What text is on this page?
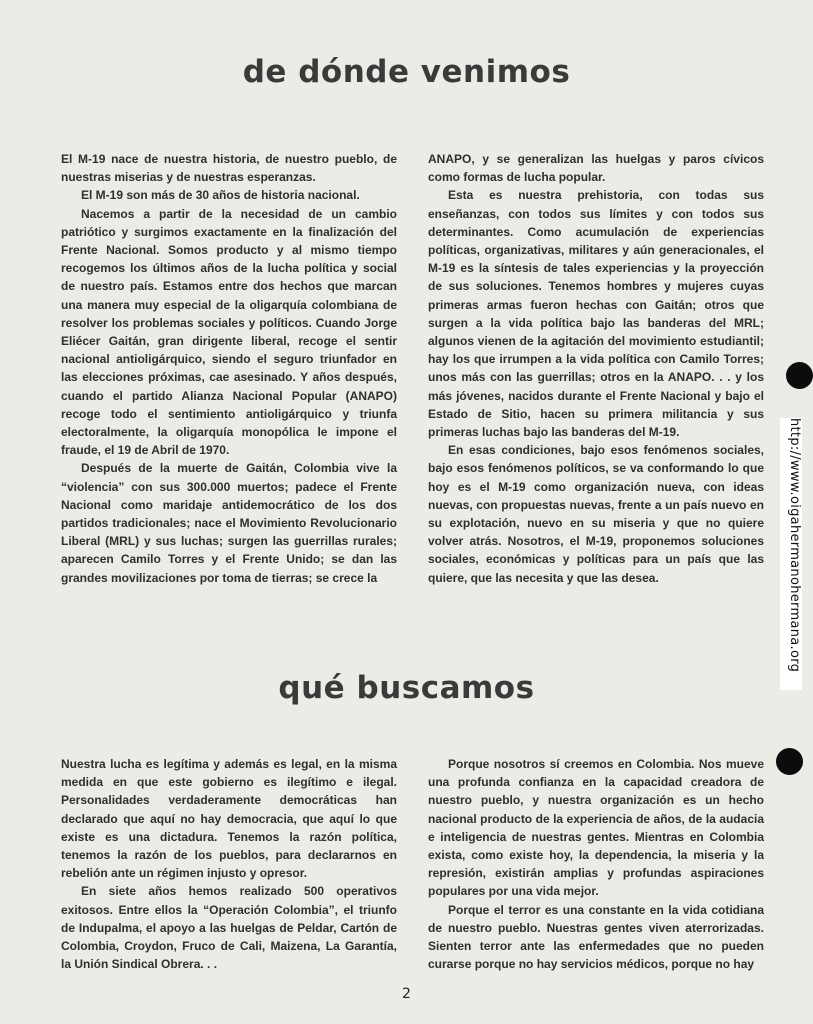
de dónde venimos

El M-19 nace de nuestra historia, de nuestro pueblo, de nuestras miserias y de nuestras esperanzas.

El M-19 son más de 30 años de historia nacional.

Nacemos a partir de la necesidad de un cambio patriótico y surgimos exactamente en la finalización del Frente Nacional. Somos producto y al mismo tiempo recogemos los últimos años de la lucha política y social de nuestro país. Estamos entre dos hechos que marcan una manera muy especial de la oligarquía colombiana de resolver los problemas sociales y políticos. Cuando Jorge Eliécer Gaitán, gran dirigente liberal, recoge el sentir nacional antioligárquico, siendo el seguro triunfador en las elecciones próximas, cae asesinado. Y años después, cuando el partido Alianza Nacional Popular (ANAPO) recoge todo el sentimiento antioligárquico y triunfa electoralmente, la oligarquía monopólica le impone el fraude, el 19 de Abril de 1970.

Después de la muerte de Gaitán, Colombia vive la “violencia” con sus 300.000 muertos; padece el Frente Nacional como maridaje antidemocrático de los dos partidos tradicionales; nace el Movimiento Revolucionario Liberal (MRL) y sus luchas; surgen las guerrillas rurales; aparecen Camilo Torres y el Frente Unido; se dan las grandes movilizaciones por toma de tierras; se crece la

ANAPO, y se generalizan las huelgas y paros cívicos como formas de lucha popular.

Esta es nuestra prehistoria, con todas sus enseñanzas, con todos sus límites y con todos sus determinantes. Como acumulación de experiencias políticas, organizativas, militares y aún generacionales, el M-19 es la síntesis de tales experiencias y la proyección de sus soluciones. Tenemos hombres y mujeres cuyas primeras armas fueron hechas con Gaitán; otros que surgen a la vida política bajo las banderas del MRL; algunos vienen de la agitación del movimiento estudiantil; hay los que irrumpen a la vida política con Camilo Torres; unos más con las guerrillas; otros en la ANAPO. . . y los más jóvenes, nacidos durante el Frente Nacional y bajo el Estado de Sitio, hacen su primera militancia y sus primeras luchas bajo las banderas del M-19.

En esas condiciones, bajo esos fenómenos sociales, bajo esos fenómenos políticos, se va conformando lo que hoy es el M-19 como organización nueva, con ideas nuevas, con propuestas nuevas, frente a un país nuevo en su explotación, nuevo en su miseria y que no quiere volver atrás. Nosotros, el M-19, proponemos soluciones sociales, económicas y políticas para un país que las quiere, que las necesita y que las desea.

qué buscamos

Nuestra lucha es legítima y además es legal, en la misma medida en que este gobierno es ilegítimo e ilegal. Personalidades verdaderamente democráticas han declarado que aquí no hay democracia, que aquí lo que existe es una dictadura. Tenemos la razón política, tenemos la razón de los pueblos, para declararnos en rebelión ante un régimen injusto y opresor.

En siete años hemos realizado 500 operativos exitosos. Entre ellos la “Operación Colombia”, el triunfo de Indupalma, el apoyo a las huelgas de Peldar, Cartón de Colombia, Croydon, Fruco de Cali, Maizena, La Garantía, la Unión Sindical Obrera. . .

Porque nosotros sí creemos en Colombia. Nos mueve una profunda confianza en la capacidad creadora de nuestro pueblo, y nuestra organización es un hecho nacional producto de la experiencia de años, de la audacia e inteligencia de nuestras gentes. Mientras en Colombia exista, como existe hoy, la dependencia, la miseria y la represión, existirán amplias y profundas aspiraciones populares por una vida mejor.

Porque el terror es una constante en la vida cotidiana de nuestro pueblo. Nuestras gentes viven aterrorizadas. Sienten terror ante las enfermedades que no pueden curarse porque no hay servicios médicos, porque no hay

http://www.oigahermanohermana.org
2
